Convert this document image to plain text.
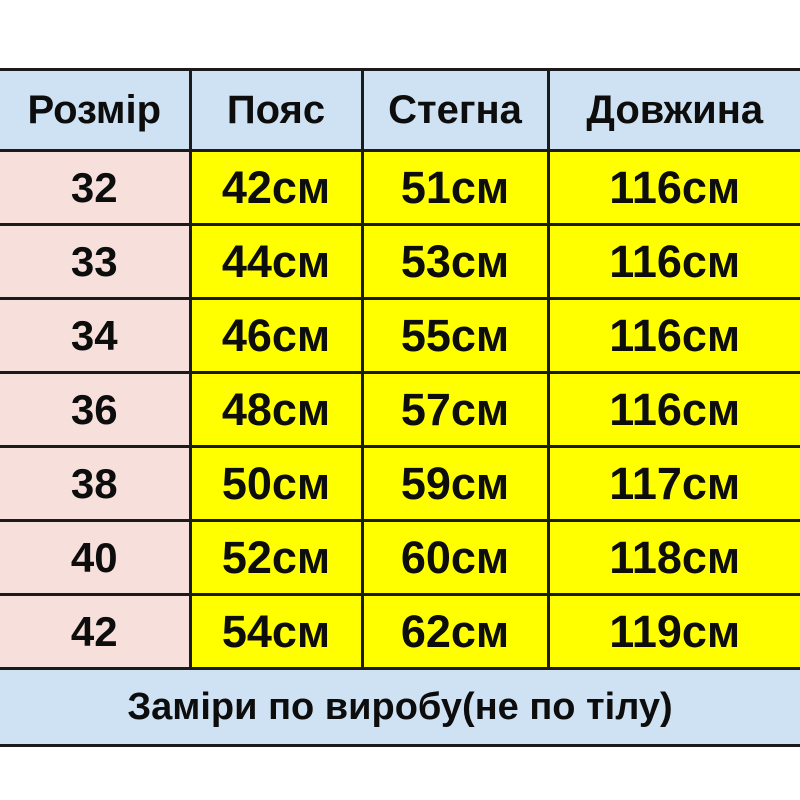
Розмір	Пояс	Стегна	Довжина
32	42см	51см	116см
33	44см	53см	116см
34	46см	55см	116см
36	48см	57см	116см
38	50см	59см	117см
40	52см	60см	118см
42	54см	62см	119см
Заміри по виробу(не по тілу)			
